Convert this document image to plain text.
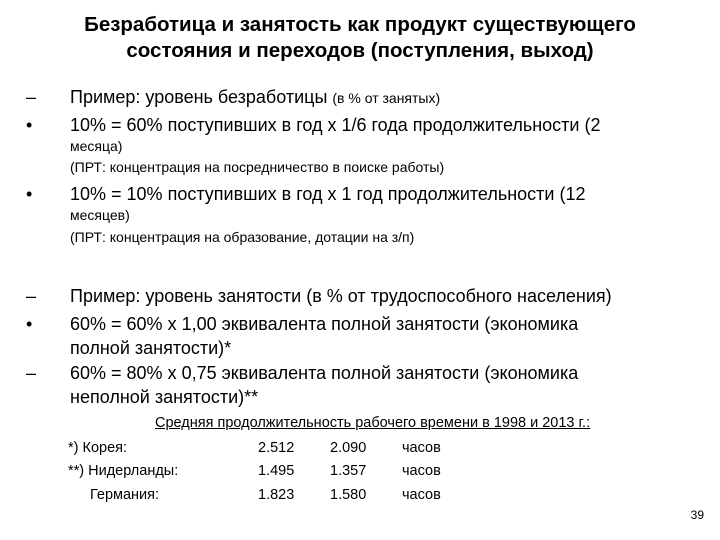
Безработица и занятость как продукт существующего
состояния и переходов (поступления, выход)
– Пример: уровень безработицы (в % от занятых)
• 10% = 60% поступивших в год х 1/6 года продолжительности (2
месяца)
(ПРТ: концентрация на посредничество в поиске работы)
• 10% = 10% поступивших в год х 1 год продолжительности (12
месяцев)
(ПРТ: концентрация на образование, дотации на з/п)
– Пример: уровень занятости (в % от трудоспособного населения)
• 60% = 60% х 1,00 эквивалента полной занятости (экономика
полной занятости)*
– 60% = 80% х 0,75 эквивалента полной занятости (экономика
неполной занятости)**
Средняя продолжительность рабочего времени в 1998 и 2013 г.:
*) Корея:	2.512 2.090 часов
**) Нидерланды:	1.495 1.357 часов
Германия:	1.823 1.580 часов
39
